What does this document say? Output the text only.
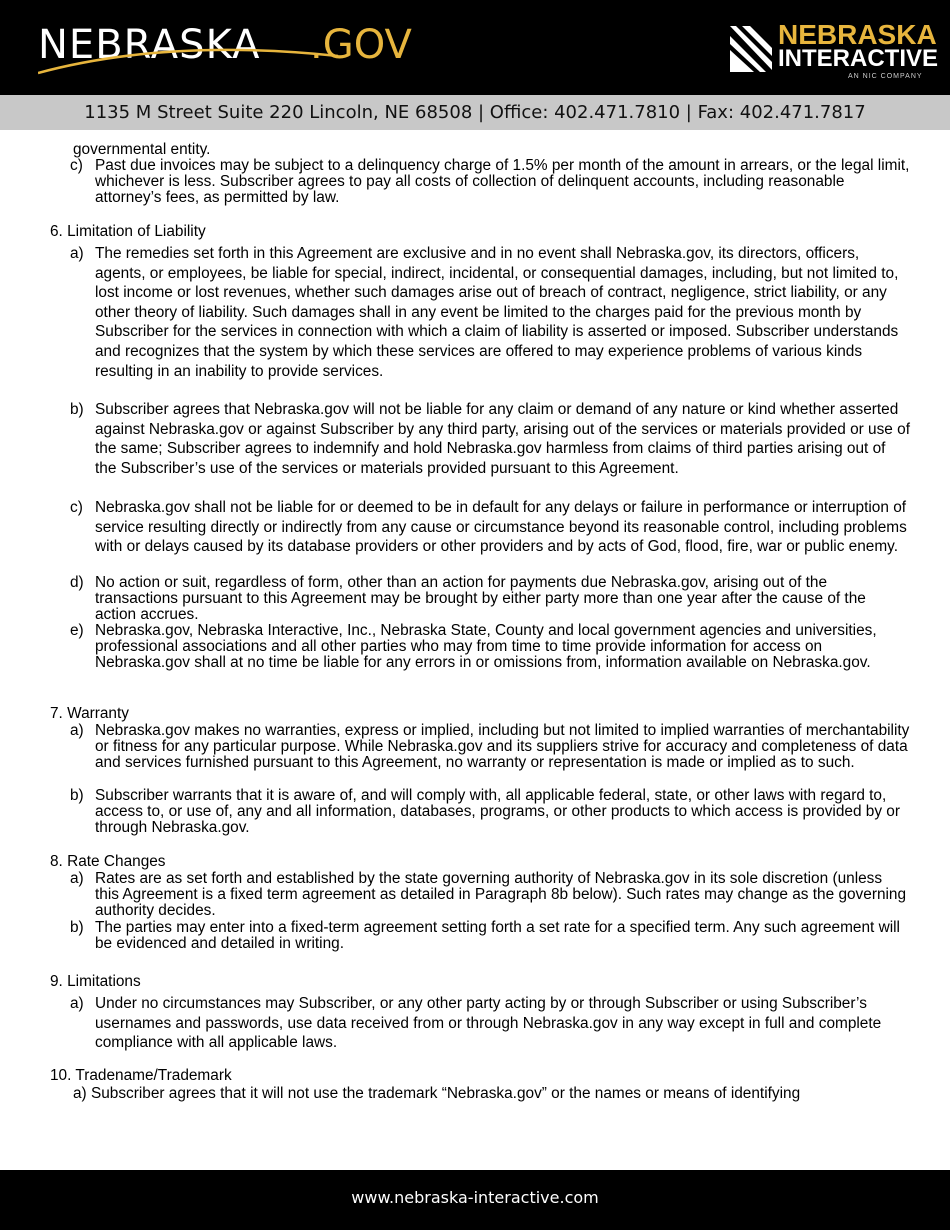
NEBRASKA .GOV	NEBRASKA
INTERACTIVE
AN NIC COMPANY
1135 M Street Suite 220 Lincoln, NE 68508 | Office: 402.471.7810 | Fax: 402.471.7817
governmental entity.
c) Past due invoices may be subject to a delinquency charge of 1.5% per month of the amount in arrears, or the legal limit, whichever is less. Subscriber agrees to pay all costs of collection of delinquent accounts, including reasonable attorney’s fees, as permitted by law.
6. Limitation of Liability
a) The remedies set forth in this Agreement are exclusive and in no event shall Nebraska.gov, its directors, officers, agents, or employees, be liable for special, indirect, incidental, or consequential damages, including, but not limited to, lost income or lost revenues, whether such damages arise out of breach of contract, negligence, strict liability, or any other theory of liability. Such damages shall in any event be limited to the charges paid for the previous month by Subscriber for the services in connection with which a claim of liability is asserted or imposed. Subscriber understands and recognizes that the system by which these services are offered to may experience problems of various kinds resulting in an inability to provide services.
b) Subscriber agrees that Nebraska.gov will not be liable for any claim or demand of any nature or kind whether asserted against Nebraska.gov or against Subscriber by any third party, arising out of the services or materials provided or use of the same; Subscriber agrees to indemnify and hold Nebraska.gov harmless from claims of third parties arising out of the Subscriber’s use of the services or materials provided pursuant to this Agreement.
c) Nebraska.gov shall not be liable for or deemed to be in default for any delays or failure in performance or interruption of service resulting directly or indirectly from any cause or circumstance beyond its reasonable control, including problems with or delays caused by its database providers or other providers and by acts of God, flood, fire, war or public enemy.
d) No action or suit, regardless of form, other than an action for payments due Nebraska.gov, arising out of the transactions pursuant to this Agreement may be brought by either party more than one year after the cause of the action accrues.
e) Nebraska.gov, Nebraska Interactive, Inc., Nebraska State, County and local government agencies and universities, professional associations and all other parties who may from time to time provide information for access on Nebraska.gov shall at no time be liable for any errors in or omissions from, information available on Nebraska.gov.
7. Warranty
a) Nebraska.gov makes no warranties, express or implied, including but not limited to implied warranties of merchantability or fitness for any particular purpose. While Nebraska.gov and its suppliers strive for accuracy and completeness of data and services furnished pursuant to this Agreement, no warranty or representation is made or implied as to such.
b) Subscriber warrants that it is aware of, and will comply with, all applicable federal, state, or other laws with regard to, access to, or use of, any and all information, databases, programs, or other products to which access is provided by or through Nebraska.gov.
8. Rate Changes
a) Rates are as set forth and established by the state governing authority of Nebraska.gov in its sole discretion (unless this Agreement is a fixed term agreement as detailed in Paragraph 8b below). Such rates may change as the governing authority decides.
b) The parties may enter into a fixed-term agreement setting forth a set rate for a specified term. Any such agreement will be evidenced and detailed in writing.
9. Limitations
a) Under no circumstances may Subscriber, or any other party acting by or through Subscriber or using Subscriber’s usernames and passwords, use data received from or through Nebraska.gov in any way except in full and complete compliance with all applicable laws.
10. Tradename/Trademark
a) Subscriber agrees that it will not use the trademark “Nebraska.gov” or the names or means of identifying
www.nebraska-interactive.com
